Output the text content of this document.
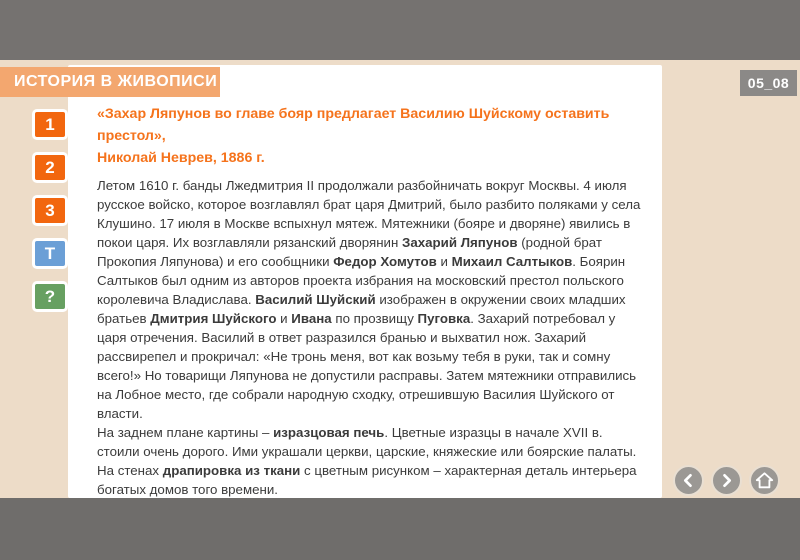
ИСТОРИЯ В ЖИВОПИСИ	05_08
1
2
3
T
?
«Захар Ляпунов во главе бояр предлагает Василию Шуйскому оставить престол»,
Николай Неврев, 1886 г.

Летом 1610 г. банды Лжедмитрия II продолжали разбойничать вокруг Москвы. 4 июля русское войско, которое возглавлял брат царя Дмитрий, было разбито поляками у села Клушино. 17 июля в Москве вспыхнул мятеж. Мятежники (бояре и дворяне) явились в покои царя. Их возглавляли рязанский дворянин Захарий Ляпунов (родной брат Прокопия Ляпунова) и его сообщники Федор Хомутов и Михаил Салтыков. Боярин Салтыков был одним из авторов проекта избрания на московский престол польского королевича Владислава. Василий Шуйский изображен в окружении своих младших братьев Дмитрия Шуйского и Ивана по прозвищу Пуговка. Захарий потребовал у царя отречения. Василий в ответ разразился бранью и выхватил нож. Захарий рассвирепел и прокричал: «Не тронь меня, вот как возьму тебя в руки, так и сомну всего!» Но товарищи Ляпунова не допустили расправы. Затем мятежники отправились на Лобное место, где собрали народную сходку, отрешившую Василия Шуйского от власти.

На заднем плане картины – изразцовая печь. Цветные изразцы в начале XVII в. стоили очень дорого. Ими украшали церкви, царские, княжеские или боярские палаты. На стенах драпировка из ткани с цветным рисунком – характерная деталь интерьера богатых домов того времени.
